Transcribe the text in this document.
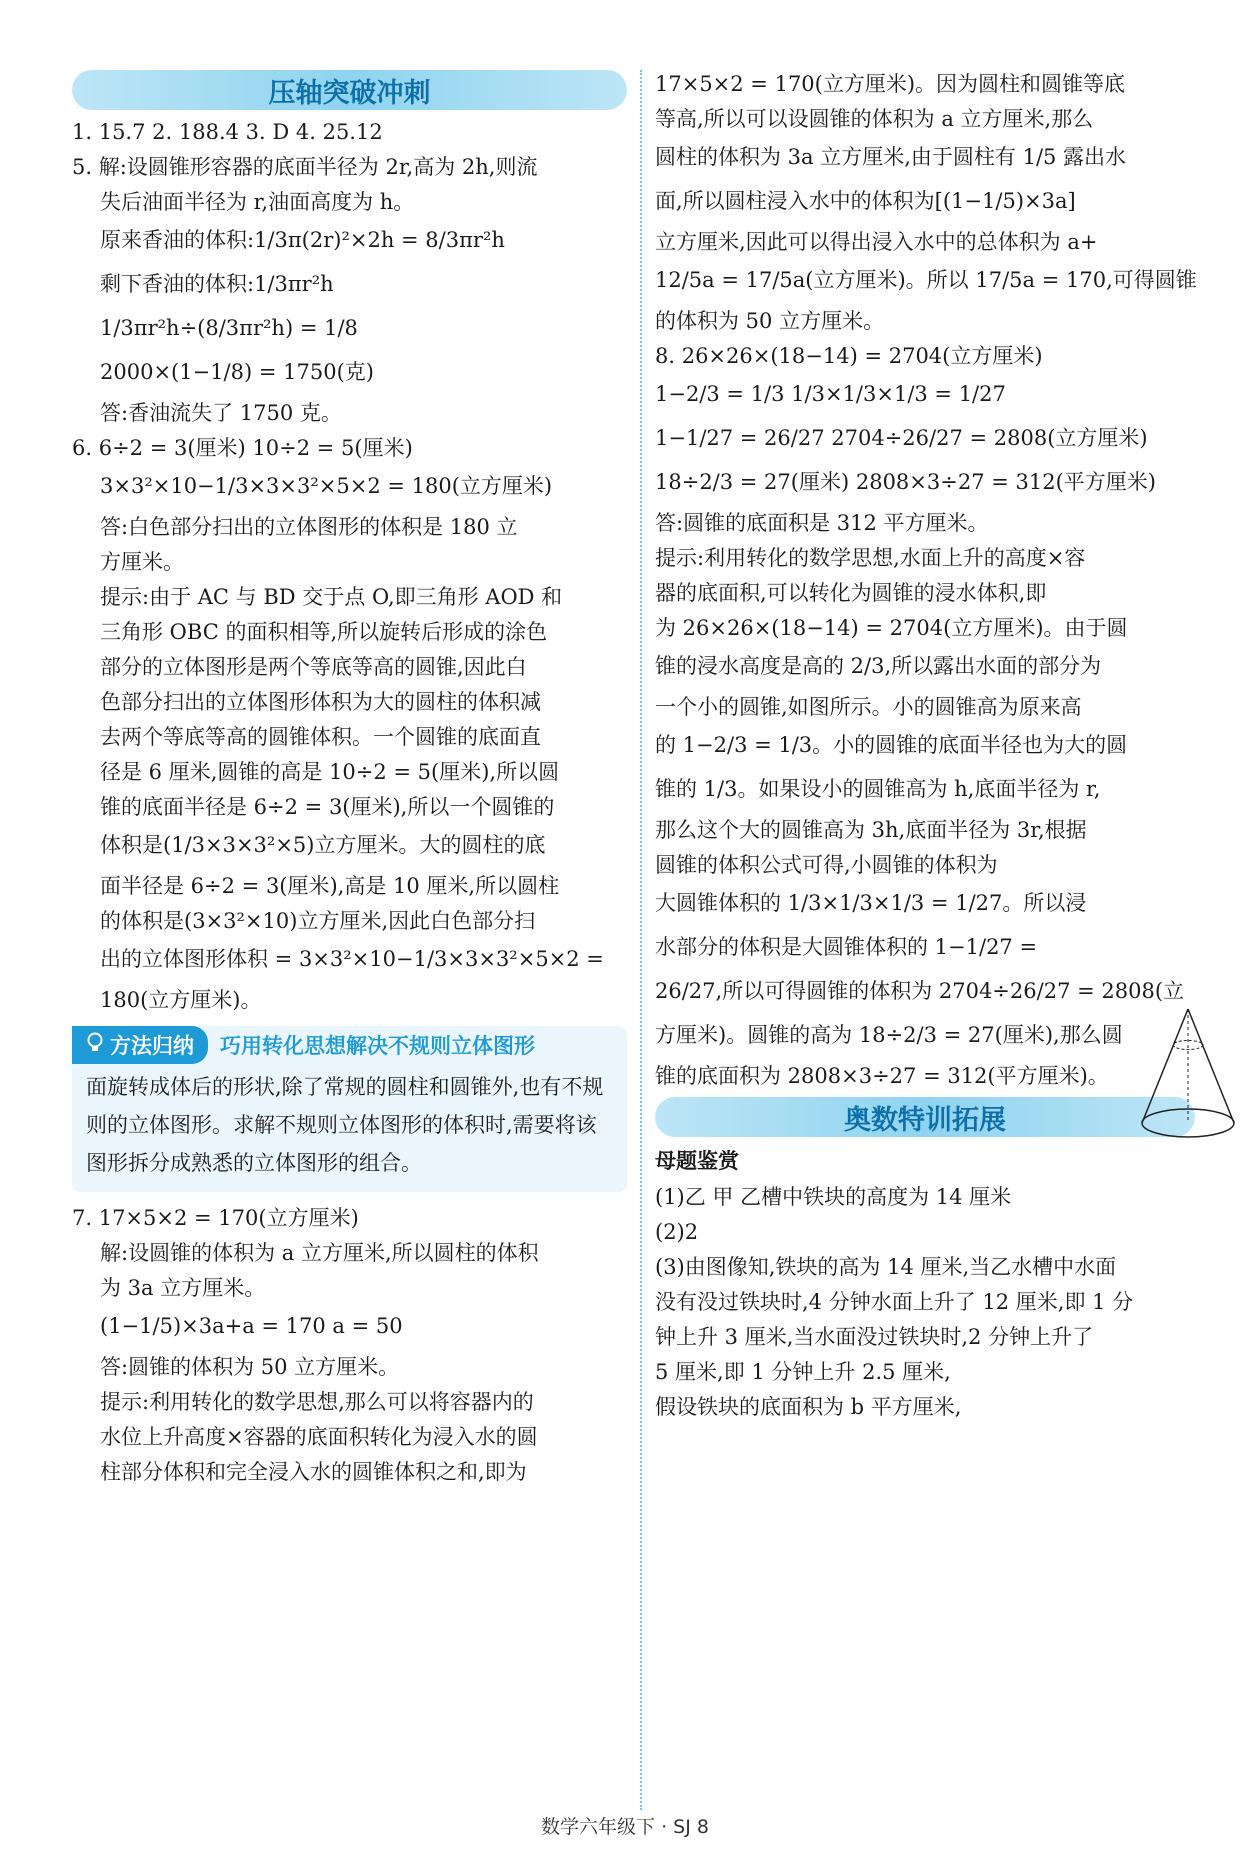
压轴突破冲刺
1. 15.7 2. 188.4 3. D 4. 25.12
5. 解:设圆锥形容器的底面半径为 2r,高为 2h,则流
失后油面半径为 r,油面高度为 h。
原来香油的体积:1/3π(2r)²×2h = 8/3πr²h
剩下香油的体积:1/3πr²h
1/3πr²h÷(8/3πr²h) = 1/8
2000×(1−1/8) = 1750(克)
答:香油流失了 1750 克。
6. 6÷2 = 3(厘米) 10÷2 = 5(厘米)
3×3²×10−1/3×3×3²×5×2 = 180(立方厘米)
答:白色部分扫出的立体图形的体积是 180 立
方厘米。
提示:由于 AC 与 BD 交于点 O,即三角形 AOD 和
三角形 OBC 的面积相等,所以旋转后形成的涂色
部分的立体图形是两个等底等高的圆锥,因此白
色部分扫出的立体图形体积为大的圆柱的体积减
去两个等底等高的圆锥体积。一个圆锥的底面直
径是 6 厘米,圆锥的高是 10÷2 = 5(厘米),所以圆
锥的底面半径是 6÷2 = 3(厘米),所以一个圆锥的
体积是(1/3×3×3²×5)立方厘米。大的圆柱的底
面半径是 6÷2 = 3(厘米),高是 10 厘米,所以圆柱
的体积是(3×3²×10)立方厘米,因此白色部分扫
出的立体图形体积 = 3×3²×10−1/3×3×3²×5×2 =
180(立方厘米)。
方法归纳 巧用转化思想解决不规则立体图形
面旋转成体后的形状,除了常规的圆柱和圆锥外,也有不规则的立体图形。求解不规则立体图形的体积时,需要将该图形拆分成熟悉的立体图形的组合。
7. 17×5×2 = 170(立方厘米)
解:设圆锥的体积为 a 立方厘米,所以圆柱的体积
为 3a 立方厘米。
(1−1/5)×3a+a = 170 a = 50
答:圆锥的体积为 50 立方厘米。
提示:利用转化的数学思想,那么可以将容器内的
水位上升高度×容器的底面积转化为浸入水的圆
柱部分体积和完全浸入水的圆锥体积之和,即为
17×5×2 = 170(立方厘米)。因为圆柱和圆锥等底
等高,所以可以设圆锥的体积为 a 立方厘米,那么
圆柱的体积为 3a 立方厘米,由于圆柱有 1/5 露出水
面,所以圆柱浸入水中的体积为[(1−1/5)×3a]
立方厘米,因此可以得出浸入水中的总体积为 a+
12/5a = 17/5a(立方厘米)。所以 17/5a = 170,可得圆锥
的体积为 50 立方厘米。
8. 26×26×(18−14) = 2704(立方厘米)
1−2/3 = 1/3 1/3×1/3×1/3 = 1/27
1−1/27 = 26/27 2704÷26/27 = 2808(立方厘米)
18÷2/3 = 27(厘米) 2808×3÷27 = 312(平方厘米)
答:圆锥的底面积是 312 平方厘米。
提示:利用转化的数学思想,水面上升的高度×容
器的底面积,可以转化为圆锥的浸水体积,即
为 26×26×(18−14) = 2704(立方厘米)。由于圆
锥的浸水高度是高的 2/3,所以露出水面的部分为
一个小的圆锥,如图所示。小的圆锥高为原来高
的 1−2/3 = 1/3。小的圆锥的底面半径也为大的圆
锥的 1/3。如果设小的圆锥高为 h,底面半径为 r,
那么这个大的圆锥高为 3h,底面半径为 3r,根据
圆锥的体积公式可得,小圆锥的体积为
大圆锥体积的 1/3×1/3×1/3 = 1/27。所以浸
水部分的体积是大圆锥体积的 1−1/27 =
26/27,所以可得圆锥的体积为 2704÷26/27 = 2808(立
方厘米)。圆锥的高为 18÷2/3 = 27(厘米),那么圆
锥的底面积为 2808×3÷27 = 312(平方厘米)。
奥数特训拓展
母题鉴赏
(1)乙 甲 乙槽中铁块的高度为 14 厘米
(2)2
(3)由图像知,铁块的高为 14 厘米,当乙水槽中水面
没有没过铁块时,4 分钟水面上升了 12 厘米,即 1 分
钟上升 3 厘米,当水面没过铁块时,2 分钟上升了
5 厘米,即 1 分钟上升 2.5 厘米,
假设铁块的底面积为 b 平方厘米,
数学六年级下 · SJ 8
